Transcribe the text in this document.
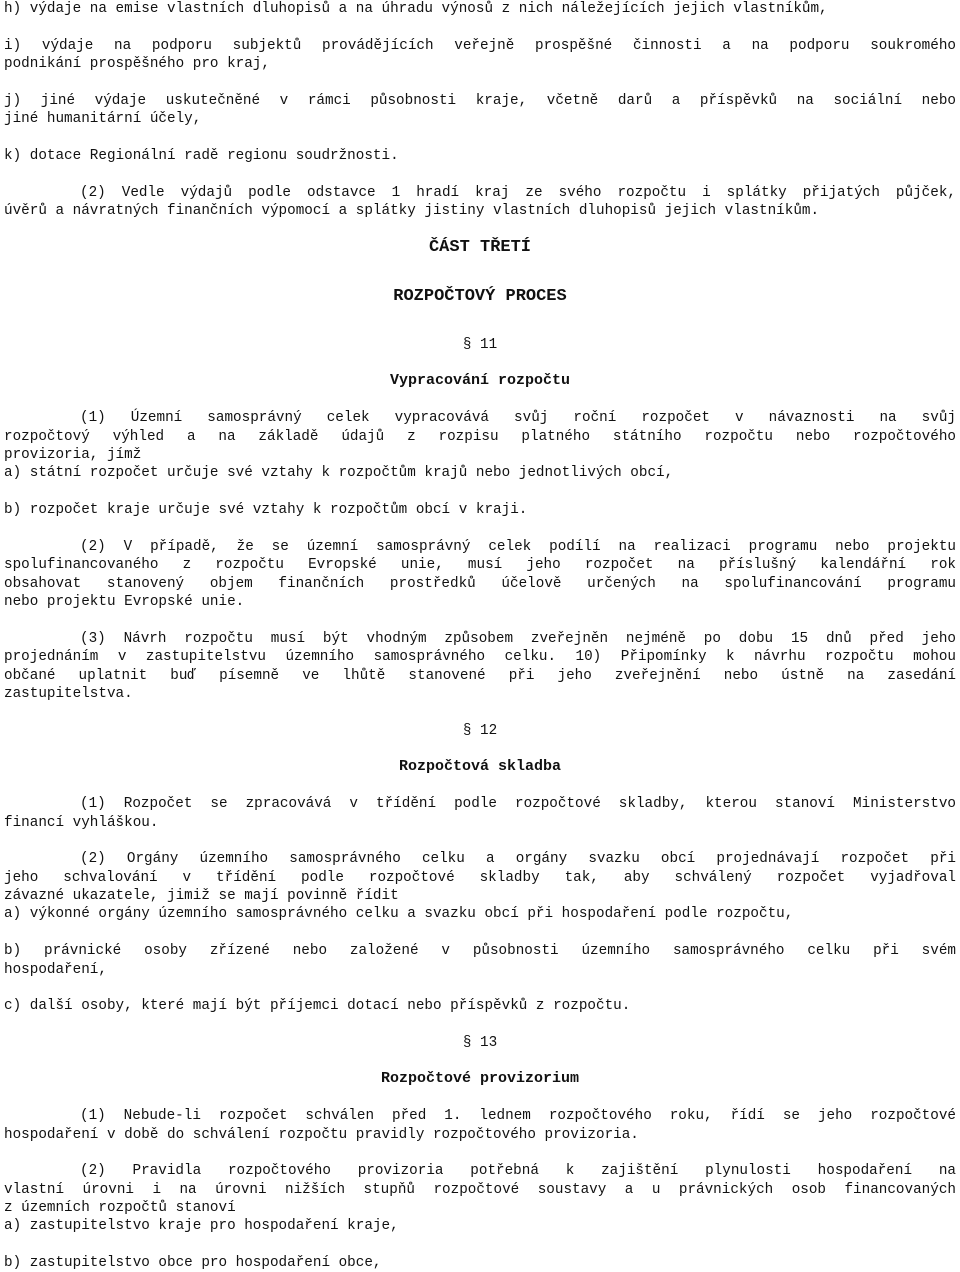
h) výdaje na emise vlastních dluhopisů a na úhradu výnosů z nich náležejících jejich vlastníkům,

i) výdaje na podporu subjektů provádějících veřejně prospěšné činnosti a na podporu soukromého

podnikání prospěšného pro kraj,

j) jiné výdaje uskutečněné v rámci působnosti kraje, včetně darů a příspěvků na sociální nebo

jiné humanitární účely,

k) dotace Regionální radě regionu soudržnosti.

(2) Vedle výdajů podle odstavce 1 hradí kraj ze svého rozpočtu i splátky přijatých půjček,

úvěrů a návratných finančních výpomocí a splátky jistiny vlastních dluhopisů jejich vlastníkům.

ČÁST TŘETÍ

ROZPOČTOVÝ PROCES

§ 11

Vypracování rozpočtu

(1) Územní samosprávný celek vypracovává svůj roční rozpočet v návaznosti na svůj

rozpočtový výhled a na základě údajů z rozpisu platného státního rozpočtu nebo rozpočtového

provizoria, jímž

a) státní rozpočet určuje své vztahy k rozpočtům krajů nebo jednotlivých obcí,

b) rozpočet kraje určuje své vztahy k rozpočtům obcí v kraji.

(2) V případě, že se územní samosprávný celek podílí na realizaci programu nebo projektu

spolufinancovaného z rozpočtu Evropské unie, musí jeho rozpočet na příslušný kalendářní rok

obsahovat stanovený objem finančních prostředků účelově určených na spolufinancování programu

nebo projektu Evropské unie.

(3) Návrh rozpočtu musí být vhodným způsobem zveřejněn nejméně po dobu 15 dnů před jeho

projednáním v zastupitelstvu územního samosprávného celku. 10) Připomínky k návrhu rozpočtu mohou

občané uplatnit buď písemně ve lhůtě stanovené při jeho zveřejnění nebo ústně na zasedání

zastupitelstva.

§ 12

Rozpočtová skladba

(1) Rozpočet se zpracovává v třídění podle rozpočtové skladby, kterou stanoví Ministerstvo

financí vyhláškou.

(2) Orgány územního samosprávného celku a orgány svazku obcí projednávají rozpočet při

jeho schvalování v třídění podle rozpočtové skladby tak, aby schválený rozpočet vyjadřoval

závazné ukazatele, jimiž se mají povinně řídit

a) výkonné orgány územního samosprávného celku a svazku obcí při hospodaření podle rozpočtu,

b) právnické osoby zřízené nebo založené v působnosti územního samosprávného celku při svém

hospodaření,

c) další osoby, které mají být příjemci dotací nebo příspěvků z rozpočtu.

§ 13

Rozpočtové provizorium

(1) Nebude-li rozpočet schválen před 1. lednem rozpočtového roku, řídí se jeho rozpočtové

hospodaření v době do schválení rozpočtu pravidly rozpočtového provizoria.

(2) Pravidla rozpočtového provizoria potřebná k zajištění plynulosti hospodaření na

vlastní úrovni i na úrovni nižších stupňů rozpočtové soustavy a u právnických osob financovaných

z územních rozpočtů stanoví

a) zastupitelstvo kraje pro hospodaření kraje,

b) zastupitelstvo obce pro hospodaření obce,
